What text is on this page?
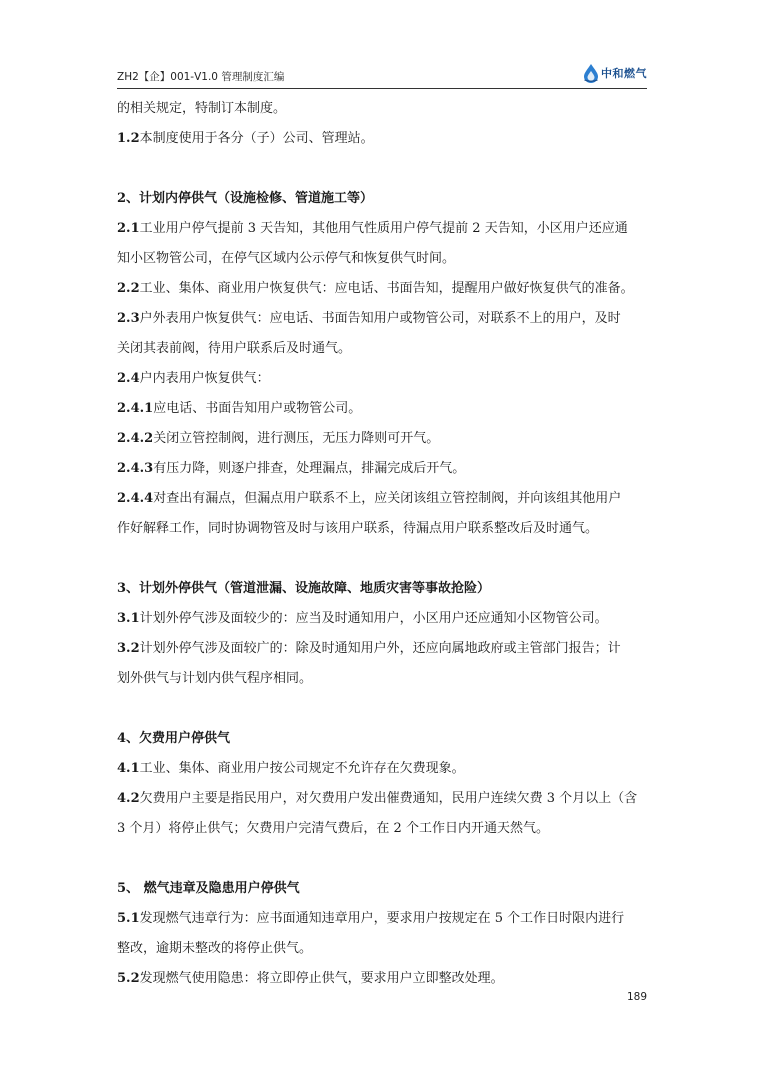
ZH2【企】001-V1.0 管理制度汇编	中和燃气
的相关规定，特制订本制度。
1.2本制度使用于各分（子）公司、管理站。
2、计划内停供气（设施检修、管道施工等）
2.1工业用户停气提前 3 天告知，其他用气性质用户停气提前 2 天告知，小区用户还应通
知小区物管公司，在停气区域内公示停气和恢复供气时间。
2.2工业、集体、商业用户恢复供气：应电话、书面告知，提醒用户做好恢复供气的准备。
2.3户外表用户恢复供气：应电话、书面告知用户或物管公司，对联系不上的用户，及时
关闭其表前阀，待用户联系后及时通气。
2.4户内表用户恢复供气：
2.4.1应电话、书面告知用户或物管公司。
2.4.2关闭立管控制阀，进行测压，无压力降则可开气。
2.4.3有压力降，则逐户排查，处理漏点，排漏完成后开气。
2.4.4对查出有漏点，但漏点用户联系不上，应关闭该组立管控制阀，并向该组其他用户
作好解释工作，同时协调物管及时与该用户联系，待漏点用户联系整改后及时通气。
3、计划外停供气（管道泄漏、设施故障、地质灾害等事故抢险）
3.1计划外停气涉及面较少的：应当及时通知用户，小区用户还应通知小区物管公司。
3.2计划外停气涉及面较广的：除及时通知用户外，还应向属地政府或主管部门报告；计
划外供气与计划内供气程序相同。
4、欠费用户停供气
4.1工业、集体、商业用户按公司规定不允许存在欠费现象。
4.2欠费用户主要是指民用户，对欠费用户发出催费通知，民用户连续欠费 3 个月以上（含
3 个月）将停止供气；欠费用户完清气费后，在 2 个工作日内开通天然气。
5、 燃气违章及隐患用户停供气
5.1发现燃气违章行为：应书面通知违章用户，要求用户按规定在 5 个工作日时限内进行
整改，逾期未整改的将停止供气。
5.2发现燃气使用隐患：将立即停止供气，要求用户立即整改处理。
189
